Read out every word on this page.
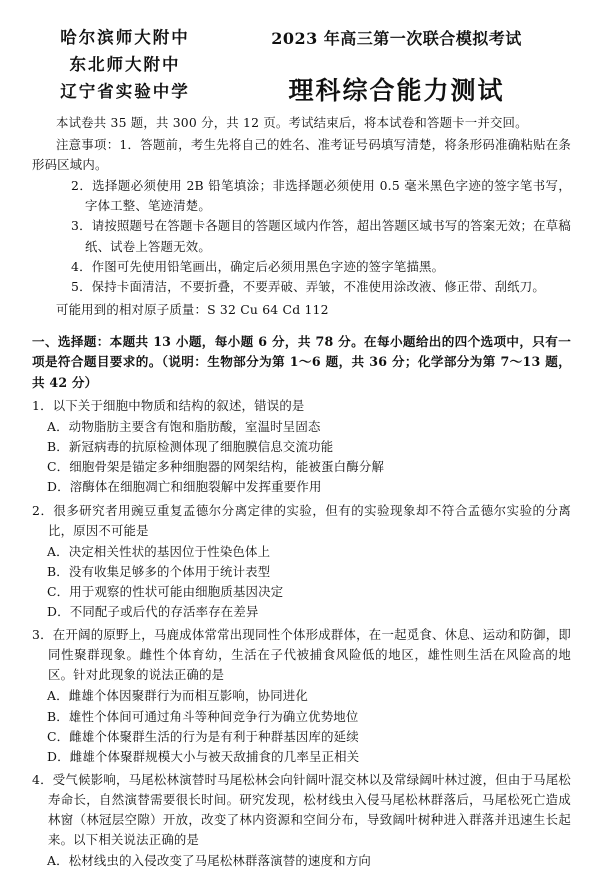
哈尔滨师大附中
东北师大附中
辽宁省实验中学
2023 年高三第一次联合模拟考试
理科综合能力测试

本试卷共 35 题，共 300 分，共 12 页。考试结束后，将本试卷和答题卡一并交回。

注意事项：1．答题前，考生先将自己的姓名、准考证号码填写清楚，将条形码准确粘贴在条形码区域内。

2．选择题必须使用 2B 铅笔填涂；非选择题必须使用 0.5 毫米黑色字迹的签字笔书写，字体工整、笔迹清楚。
3．请按照题号在答题卡各题目的答题区域内作答，超出答题区域书写的答案无效；在草稿纸、试卷上答题无效。
4．作图可先使用铅笔画出，确定后必须用黑色字迹的签字笔描黑。
5．保持卡面清洁，不要折叠，不要弄破、弄皱，不准使用涂改液、修正带、刮纸刀。

可能用到的相对原子质量：S 32 Cu 64 Cd 112

一、选择题：本题共 13 小题，每小题 6 分，共 78 分。在每小题给出的四个选项中，只有一项是符合题目要求的。（说明：生物部分为第 1～6 题，共 36 分；化学部分为第 7～13 题，共 42 分）

1．以下关于细胞中物质和结构的叙述，错误的是

A．动物脂肪主要含有饱和脂肪酸，室温时呈固态
B．新冠病毒的抗原检测体现了细胞膜信息交流功能
C．细胞骨架是锚定多种细胞器的网架结构，能被蛋白酶分解
D．溶酶体在细胞凋亡和细胞裂解中发挥重要作用

2．很多研究者用豌豆重复孟德尔分离定律的实验，但有的实验现象却不符合孟德尔实验的分离比，原因不可能是

A．决定相关性状的基因位于性染色体上
B．没有收集足够多的个体用于统计表型
C．用于观察的性状可能由细胞质基因决定
D．不同配子或后代的存活率存在差异

3．在开阔的原野上，马鹿成体常常出现同性个体形成群体，在一起觅食、休息、运动和防御，即同性聚群现象。雌性个体育幼，生活在子代被捕食风险低的地区，雄性则生活在风险高的地区。针对此现象的说法正确的是

A．雌雄个体因聚群行为而相互影响，协同进化
B．雄性个体间可通过角斗等种间竞争行为确立优势地位
C．雌雄个体聚群生活的行为是有利于种群基因库的延续
D．雌雄个体聚群规模大小与被天敌捕食的几率呈正相关

4．受气候影响，马尾松林演替时马尾松林会向针阔叶混交林以及常绿阔叶林过渡，但由于马尾松寿命长，自然演替需要很长时间。研究发现，松材线虫入侵马尾松林群落后，马尾松死亡造成林窗（林冠层空隙）开放，改变了林内资源和空间分布，导致阔叶树种进入群落并迅速生长起来。以下相关说法正确的是

A．松材线虫的入侵改变了马尾松林群落演替的速度和方向
